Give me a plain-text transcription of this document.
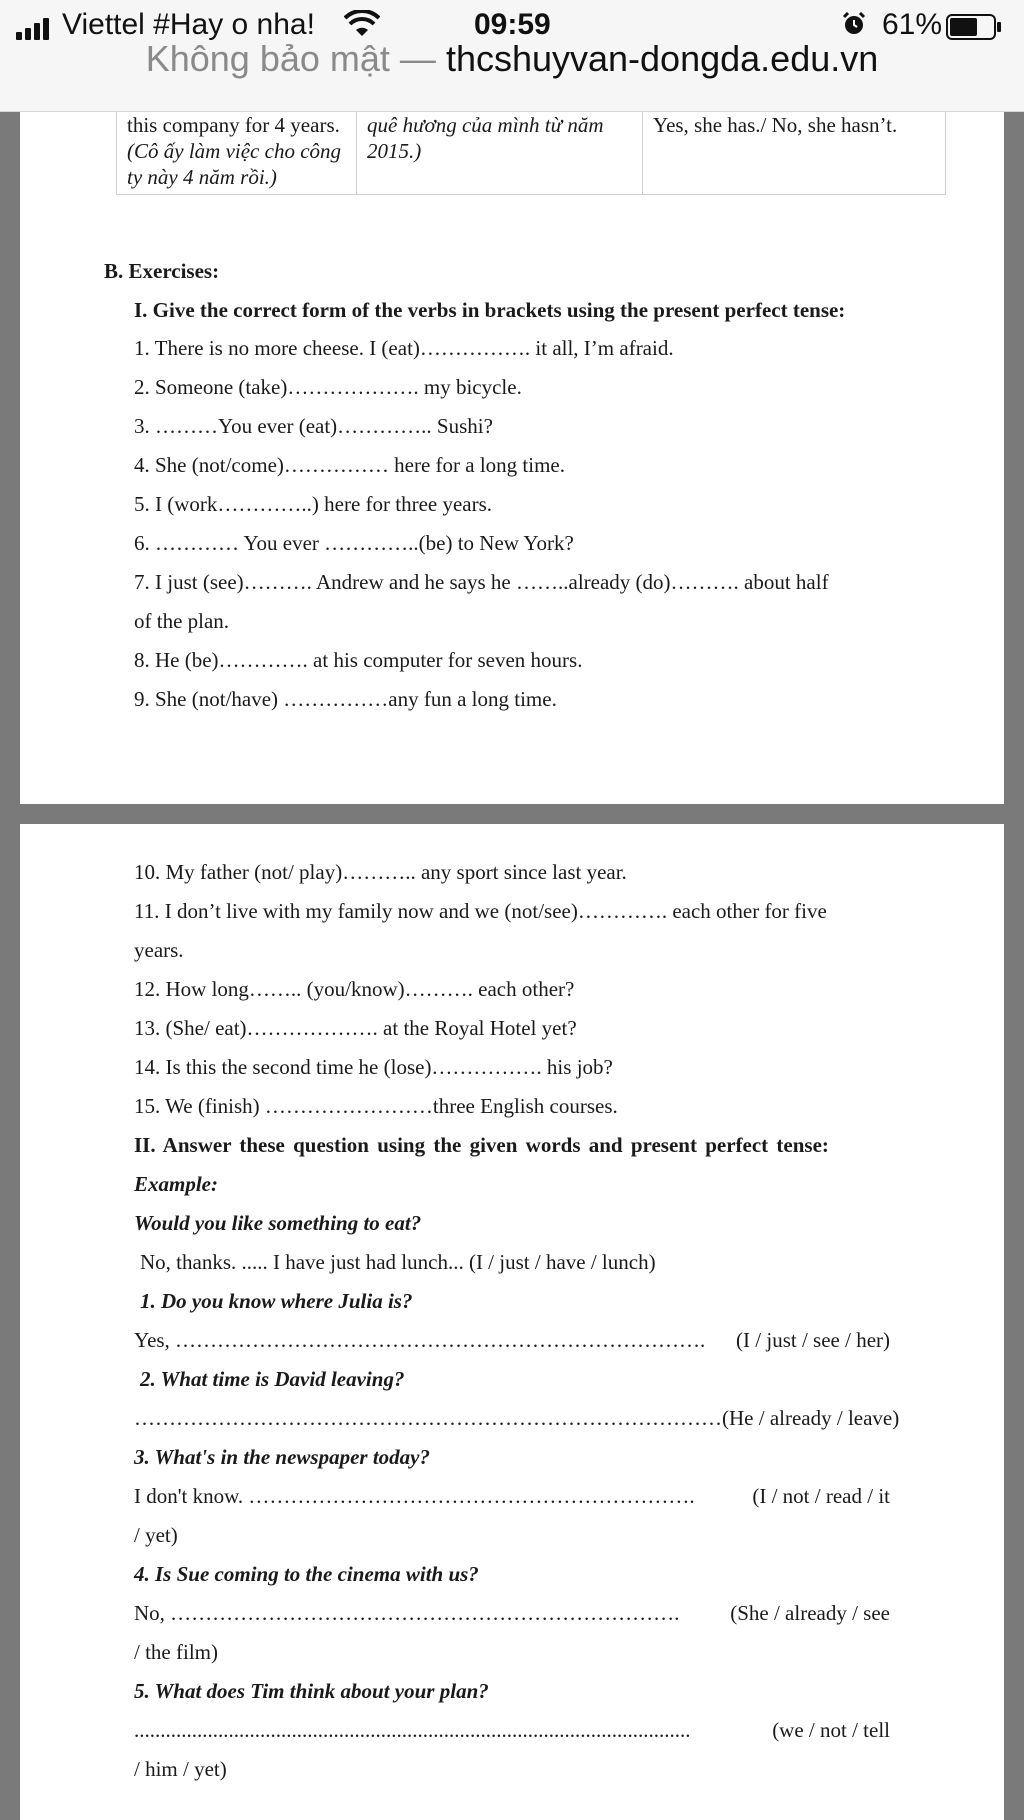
Viettel #Hay o nha!	09:59	61%
Không bảo mật — thcshuyvan-dongda.edu.vn
this company for 4 years. (Cô ấy làm việc cho công ty này 4 năm rồi.)	quê hương của mình từ năm 2015.)	Yes, she has./ No, she hasn’t.
B. Exercises:
I. Give the correct form of the verbs in brackets using the present perfect tense:
1. There is no more cheese. I (eat)……………. it all, I’m afraid.
2. Someone (take)………………. my bicycle.
3. ………You ever (eat)………….. Sushi?
4. She (not/come)…………… here for a long time.
5. I (work…………..) here for three years.
6. ………… You ever …………..(be) to New York?
7. I just (see)………. Andrew and he says he ……..already (do)………. about half
of the plan.
8. He (be)…………. at his computer for seven hours.
9. She (not/have) ……………any fun a long time.
10. My father (not/ play)……….. any sport since last year.
11. I don’t live with my family now and we (not/see)…………. each other for five
years.
12. How long…….. (you/know)………. each other?
13. (She/ eat)………………. at the Royal Hotel yet?
14. Is this the second time he (lose)……………. his job?
15. We (finish) ……………………three English courses.
II. Answer these question using the given words and present perfect tense:
Example:
Would you like something to eat?
No, thanks. ..... I have just had lunch... (I / just / have / lunch)
1. Do you know where Julia is?
Yes, …………………………………………………………………. (I / just / see / her)
2. What time is David leaving?
………………………………………………………………………… (He / already / leave)
3. What's in the newspaper today?
I don't know. ……………………………………………………….	(I / not / read / it
/ yet)
4. Is Sue coming to the cinema with us?
No, ………………………………………………………………. (She / already / see
/ the film)
5. What does Tim think about your plan?
..........................................................................................................	(we / not / tell
/ him / yet)
